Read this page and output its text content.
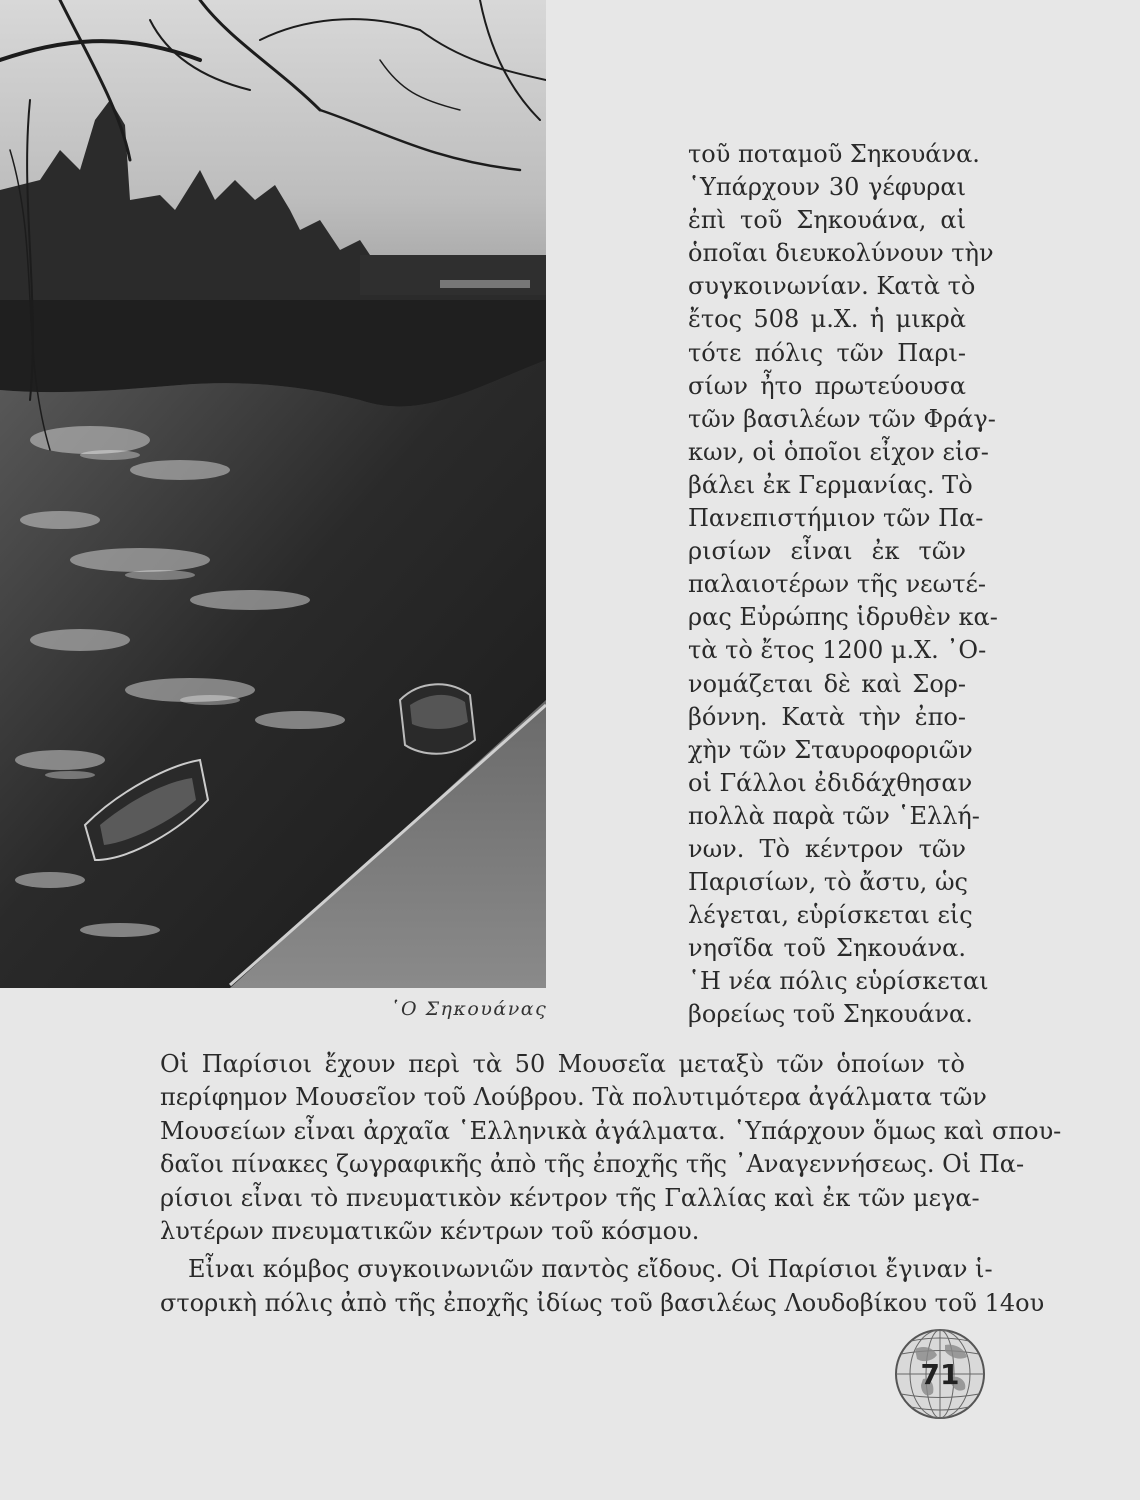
῾Ο Σηκουάνας
τοῦ ποταμοῦ Σηκουάνα.
῾Υπάρχουν 30 γέφυραι
ἐπὶ τοῦ Σηκουάνα, αἱ
ὁποῖαι διευκολύνουν τὴν
συγκοινωνίαν. Κατὰ τὸ
ἔτος 508 μ.Χ. ἡ μικρὰ
τότε πόλις τῶν Παρι-
σίων ἦτο πρωτεύουσα
τῶν βασιλέων τῶν Φράγ-
κων, οἱ ὁποῖοι εἶχον εἰσ-
βάλει ἐκ Γερμανίας. Τὸ
Πανεπιστήμιον τῶν Πα-
ρισίων εἶναι ἐκ τῶν
παλαιοτέρων τῆς νεωτέ-
ρας Εὐρώπης ἱδρυθὲν κα-
τὰ τὸ ἔτος 1200 μ.Χ. ᾿Ο-
νομάζεται δὲ καὶ Σορ-
βόννη. Κατὰ τὴν ἐπο-
χὴν τῶν Σταυροφοριῶν
οἱ Γάλλοι ἐδιδάχθησαν
πολλὰ παρὰ τῶν ῾Ελλή-
νων. Τὸ κέντρον τῶν
Παρισίων, τὸ ἄστυ, ὡς
λέγεται, εὑρίσκεται εἰς
νησῖδα τοῦ Σηκουάνα.
῾Η νέα πόλις εὑρίσκεται
βορείως τοῦ Σηκουάνα.
Οἱ Παρίσιοι ἔχουν περὶ τὰ 50 Μουσεῖα μεταξὺ τῶν ὁποίων τὸ
περίφημον Μουσεῖον τοῦ Λούβρου. Τὰ πολυτιμότερα ἀγάλματα τῶν
Μουσείων εἶναι ἀρχαῖα ῾Ελληνικὰ ἀγάλματα. ῾Υπάρχουν ὅμως καὶ σπου-
δαῖοι πίνακες ζωγραφικῆς ἀπὸ τῆς ἐποχῆς τῆς ᾿Αναγεννήσεως. Οἱ Πα-
ρίσιοι εἶναι τὸ πνευματικὸν κέντρον τῆς Γαλλίας καὶ ἐκ τῶν μεγα-
λυτέρων πνευματικῶν κέντρων τοῦ κόσμου.
Εἶναι κόμβος συγκοινωνιῶν παντὸς εἴδους. Οἱ Παρίσιοι ἔγιναν ἱ-
στορικὴ πόλις ἀπὸ τῆς ἐποχῆς ἰδίως τοῦ βασιλέως Λουδοβίκου τοῦ 14ου
71
